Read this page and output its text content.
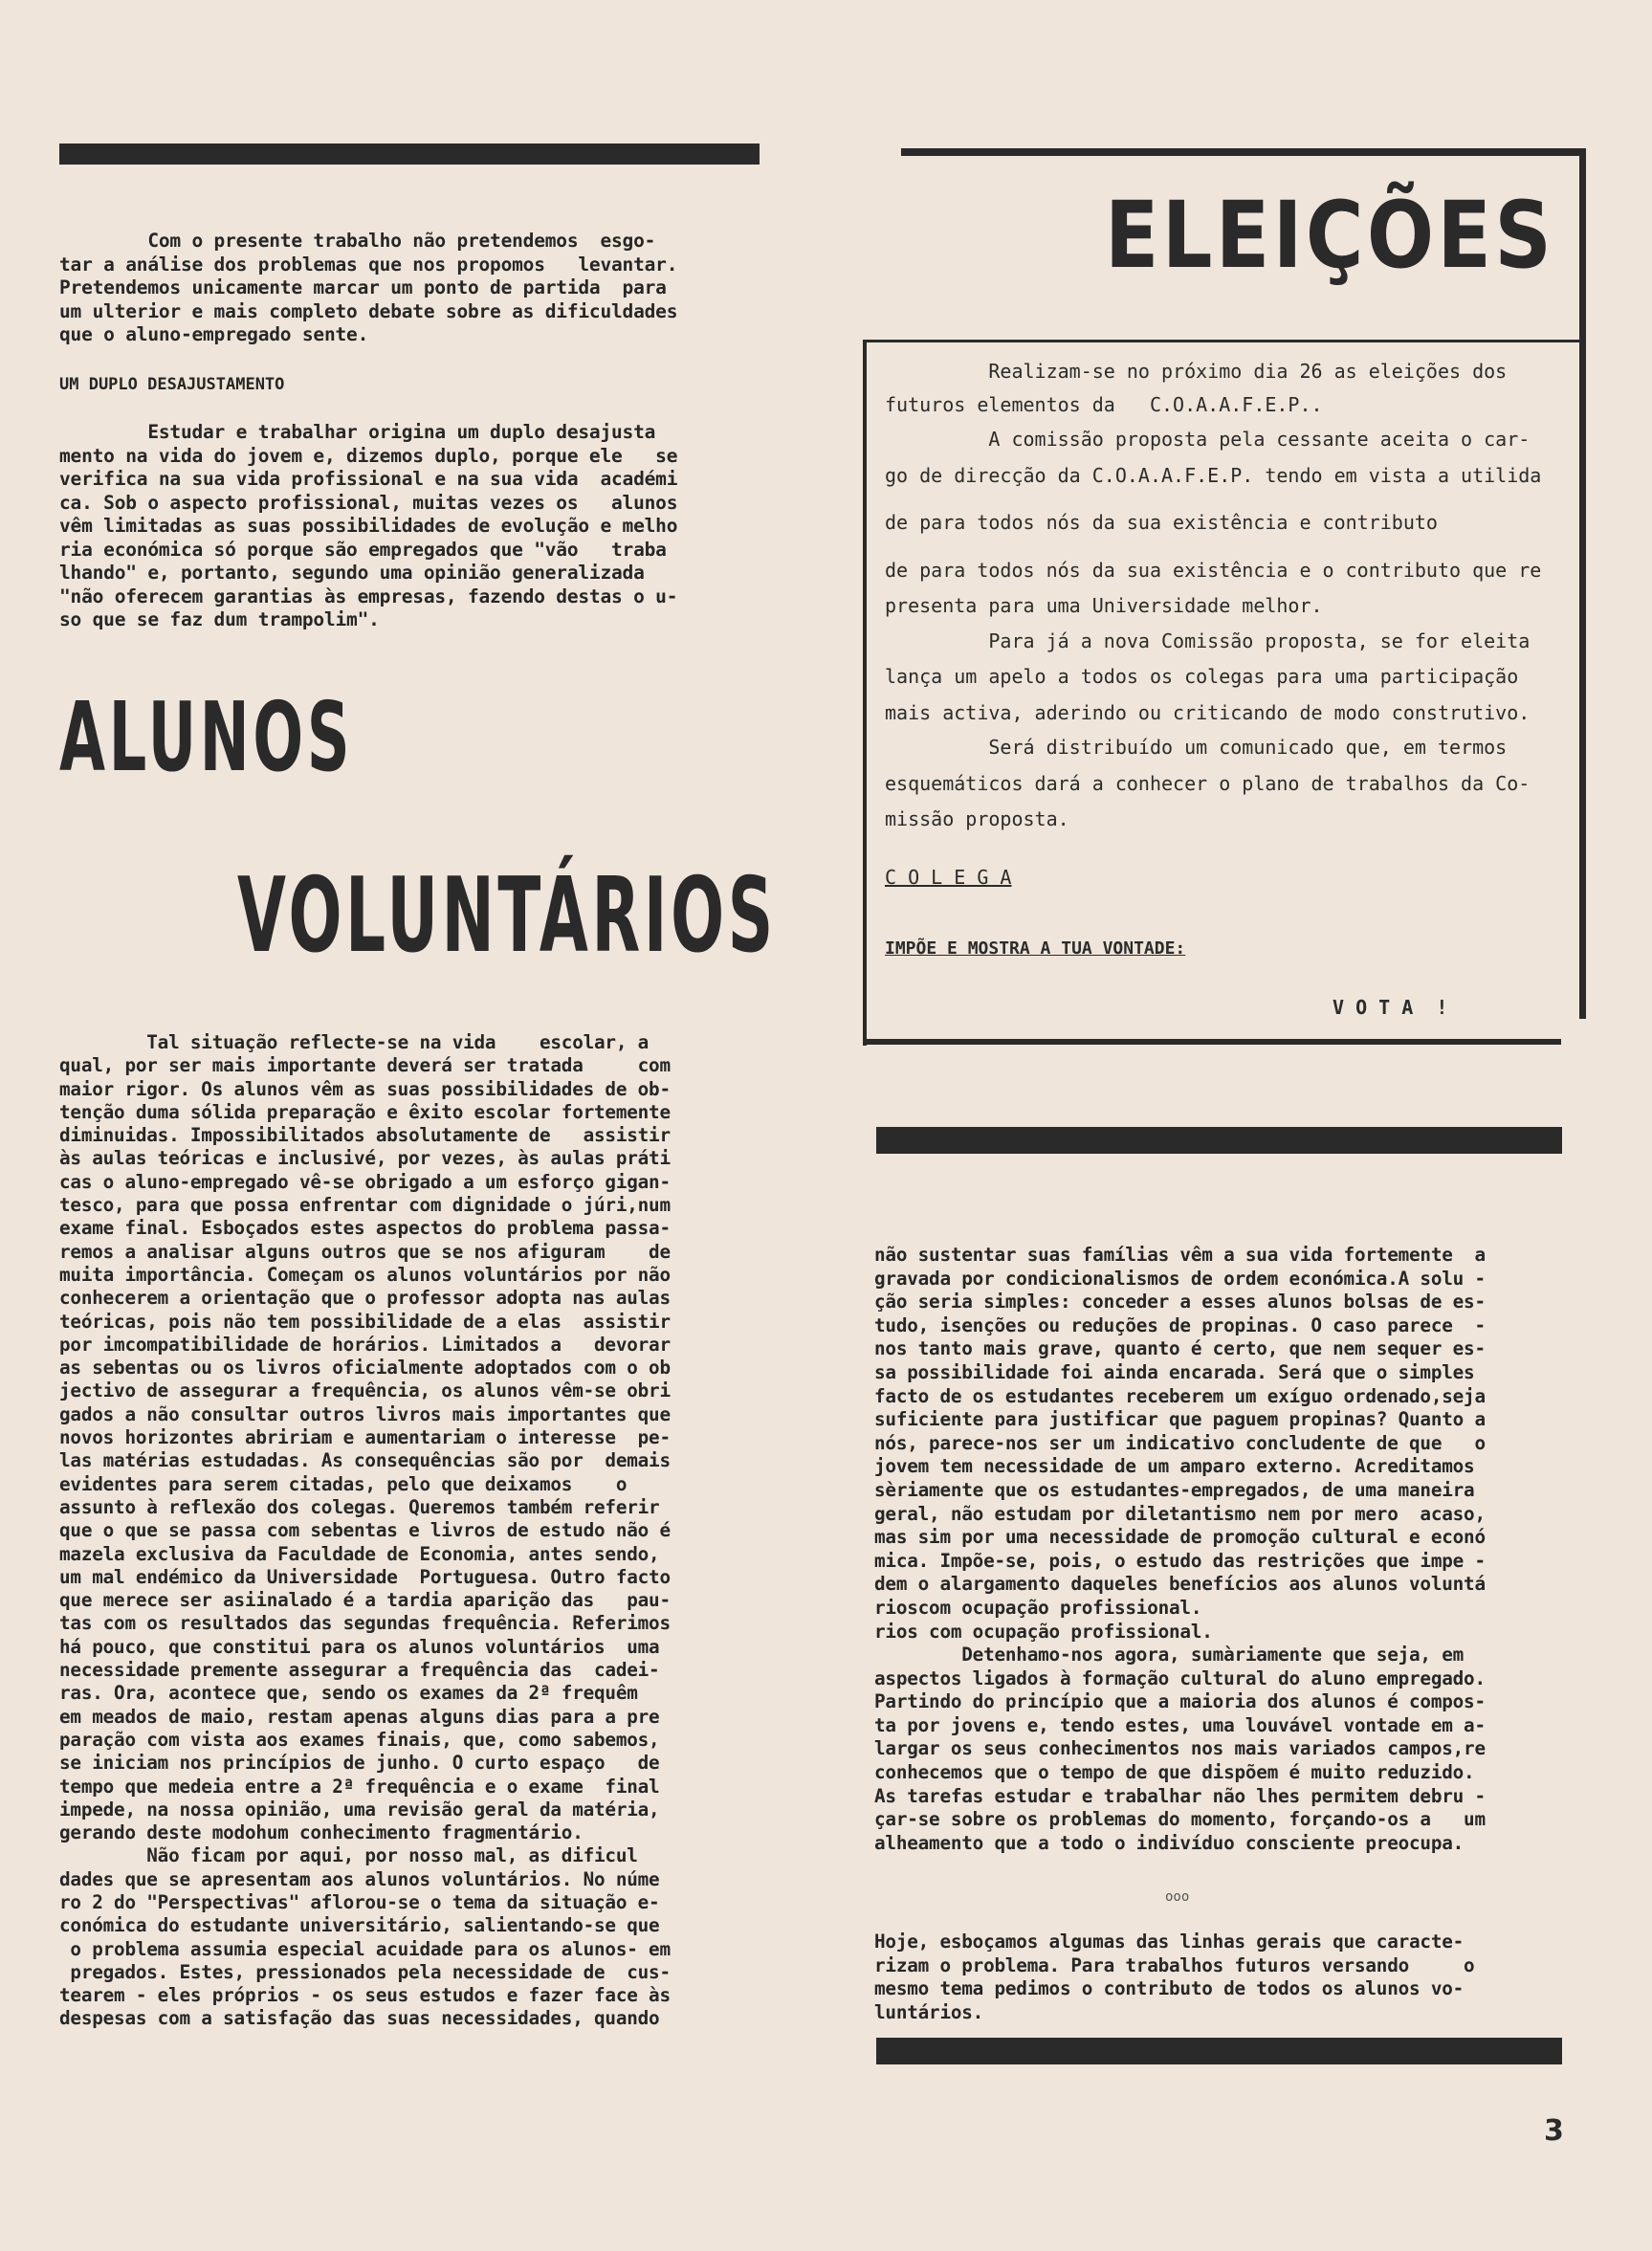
Com o presente trabalho não pretendemos  esgo-
tar a análise dos problemas que nos propomos   levantar.
Pretendemos unicamente marcar um ponto de partida  para
um ulterior e mais completo debate sobre as dificuldades
que o aluno-empregado sente.
UM DUPLO DESAJUSTAMENTO
Estudar e trabalhar origina um duplo desajusta
mento na vida do jovem e, dizemos duplo, porque ele   se
verifica na sua vida profissional e na sua vida  académi
ca. Sob o aspecto profissional, muitas vezes os   alunos
vêm limitadas as suas possibilidades de evolução e melho
ria económica só porque são empregados que "vão   traba
lhando" e, portanto, segundo uma opinião generalizada
"não oferecem garantias às empresas, fazendo destas o u-
so que se faz dum trampolim".
ALUNOS
VOLUNTÁRIOS
Tal situação reflecte-se na vida    escolar, a
qual, por ser mais importante deverá ser tratada     com
maior rigor. Os alunos vêm as suas possibilidades de ob-
tenção duma sólida preparação e êxito escolar fortemente
diminuidas. Impossibilitados absolutamente de   assistir
às aulas teóricas e inclusivé, por vezes, às aulas práti
cas o aluno-empregado vê-se obrigado a um esforço gigan-
tesco, para que possa enfrentar com dignidade o júri,num
exame final. Esboçados estes aspectos do problema passa-
remos a analisar alguns outros que se nos afiguram    de
muita importância. Começam os alunos voluntários por não
conhecerem a orientação que o professor adopta nas aulas
teóricas, pois não tem possibilidade de a elas  assistir
por imcompatibilidade de horários. Limitados a   devorar
as sebentas ou os livros oficialmente adoptados com o ob
jectivo de assegurar a frequência, os alunos vêm-se obri
gados a não consultar outros livros mais importantes que
novos horizontes abririam e aumentariam o interesse  pe-
las matérias estudadas. As consequências são por  demais
evidentes para serem citadas, pelo que deixamos    o
assunto à reflexão dos colegas. Queremos também referir
que o que se passa com sebentas e livros de estudo não é
mazela exclusiva da Faculdade de Economia, antes sendo,
um mal endémico da Universidade  Portuguesa. Outro facto
que merece ser asiinalado é a tardia aparição das   pau-
tas com os resultados das segundas frequência. Referimos
há pouco, que constitui para os alunos voluntários  uma
necessidade premente assegurar a frequência das  cadei-
ras. Ora, acontece que, sendo os exames da 2ª frequêm
em meados de maio, restam apenas alguns dias para a pre
paração com vista aos exames finais, que, como sabemos,
se iniciam nos princípios de junho. O curto espaço   de
tempo que medeia entre a 2ª frequência e o exame  final
impede, na nossa opinião, uma revisão geral da matéria,
gerando deste modohum conhecimento fragmentário.
Não ficam por aqui, por nosso mal, as dificul
dades que se apresentam aos alunos voluntários. No núme
ro 2 do "Perspectivas" aflorou-se o tema da situação e-
conómica do estudante universitário, salientando-se que
o problema assumia especial acuidade para os alunos- em
pregados. Estes, pressionados pela necessidade de  cus-
tearem - eles próprios - os seus estudos e fazer face às
despesas com a satisfação das suas necessidades, quando
ELEIÇÕES
Realizam-se no próximo dia 26 as eleições dos
futuros elementos da   C.O.A.A.F.E.P..
A comissão proposta pela cessante aceita o car-
go de direcção da C.O.A.A.F.E.P. tendo em vista a utilida
de para todos nós da sua existência e contributo
de para todos nós da sua existência e o contributo que re
presenta para uma Universidade melhor.
Para já a nova Comissão proposta, se for eleita
lança um apelo a todos os colegas para uma participação
mais activa, aderindo ou criticando de modo construtivo.
Será distribuído um comunicado que, em termos
esquemáticos dará a conhecer o plano de trabalhos da Co-
missão proposta.
C O L E G A
IMPÕE E MOSTRA A TUA VONTADE:
V O T A  !
não sustentar suas famílias vêm a sua vida fortemente  a
gravada por condicionalismos de ordem económica.A solu -
ção seria simples: conceder a esses alunos bolsas de es-
tudo, isenções ou reduções de propinas. O caso parece  -
nos tanto mais grave, quanto é certo, que nem sequer es-
sa possibilidade foi ainda encarada. Será que o simples
facto de os estudantes receberem um exíguo ordenado,seja
suficiente para justificar que paguem propinas? Quanto a
nós, parece-nos ser um indicativo concludente de que   o
jovem tem necessidade de um amparo externo. Acreditamos
sèriamente que os estudantes-empregados, de uma maneira
geral, não estudam por diletantismo nem por mero  acaso,
mas sim por uma necessidade de promoção cultural e econó
mica. Impõe-se, pois, o estudo das restrições que impe -
dem o alargamento daqueles benefícios aos alunos voluntá
rioscom ocupação profissional.
rios com ocupação profissional.
Detenhamo-nos agora, sumàriamente que seja, em
aspectos ligados à formação cultural do aluno empregado.
Partindo do princípio que a maioria dos alunos é compos-
ta por jovens e, tendo estes, uma louvável vontade em a-
largar os seus conhecimentos nos mais variados campos,re
conhecemos que o tempo de que dispõem é muito reduzido.
As tarefas estudar e trabalhar não lhes permitem debru -
çar-se sobre os problemas do momento, forçando-os a   um
alheamento que a todo o indivíduo consciente preocupa.
ooo
Hoje, esboçamos algumas das linhas gerais que caracte-
rizam o problema. Para trabalhos futuros versando     o
mesmo tema pedimos o contributo de todos os alunos vo-
luntários.
3
